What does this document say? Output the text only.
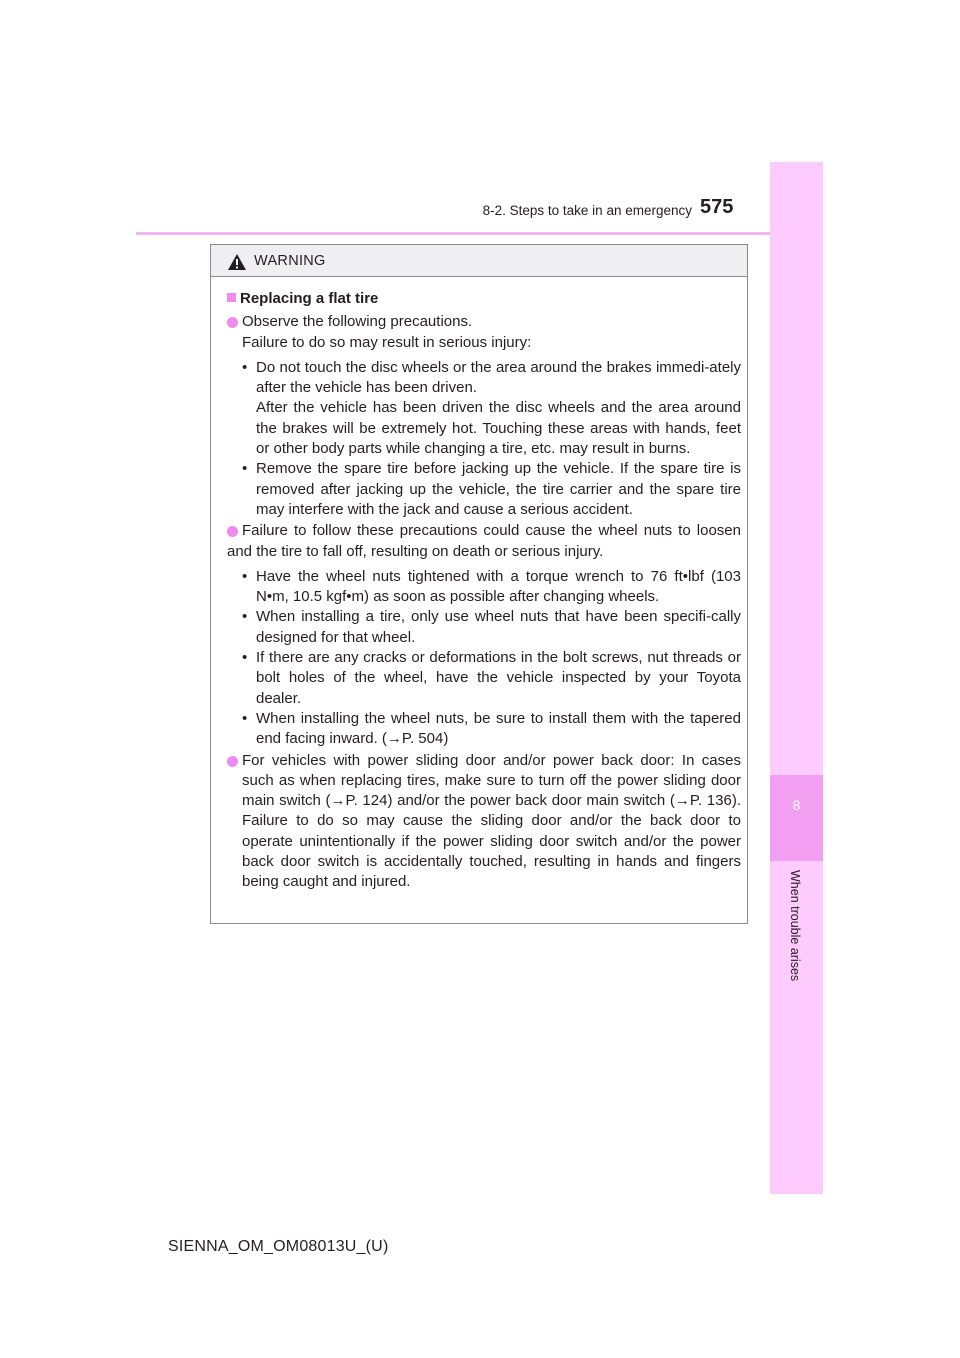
8-2. Steps to take in an emergency 575
8
When trouble arises
WARNING
Replacing a flat tire
Observe the following precautions.
Failure to do so may result in serious injury:
• Do not touch the disc wheels or the area around the brakes immedi-ately after the vehicle has been driven.
After the vehicle has been driven the disc wheels and the area around the brakes will be extremely hot. Touching these areas with hands, feet or other body parts while changing a tire, etc. may result in burns.
• Remove the spare tire before jacking up the vehicle. If the spare tire is removed after jacking up the vehicle, the tire carrier and the spare tire may interfere with the jack and cause a serious accident.
Failure to follow these precautions could cause the wheel nuts to loosen and the tire to fall off, resulting on death or serious injury.
• Have the wheel nuts tightened with a torque wrench to 76 ft•lbf (103 N•m, 10.5 kgf•m) as soon as possible after changing wheels.
• When installing a tire, only use wheel nuts that have been specifi-cally designed for that wheel.
• If there are any cracks or deformations in the bolt screws, nut threads or bolt holes of the wheel, have the vehicle inspected by your Toyota dealer.
• When installing the wheel nuts, be sure to install them with the tapered end facing inward. (→P. 504)
For vehicles with power sliding door and/or power back door: In cases such as when replacing tires, make sure to turn off the power sliding door main switch (→P. 124) and/or the power back door main switch (→P. 136). Failure to do so may cause the sliding door and/or the back door to operate unintentionally if the power sliding door switch and/or the power back door switch is accidentally touched, resulting in hands and fingers being caught and injured.
SIENNA_OM_OM08013U_(U)
